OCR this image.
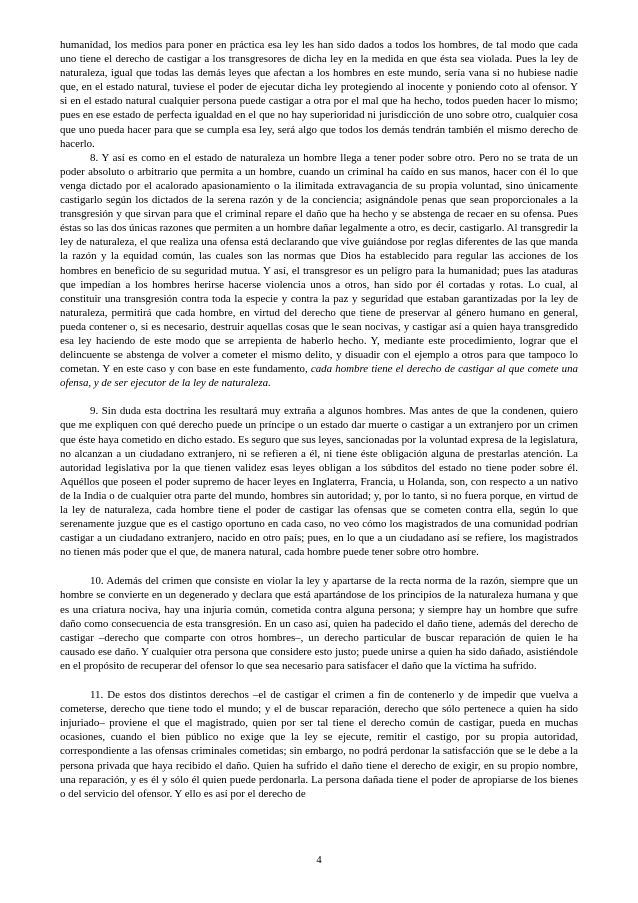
humanidad, los medios para poner en práctica esa ley les han sido dados a todos los hombres, de tal modo que cada uno tiene el derecho de castigar a los transgresores de dicha ley en la medida en que ésta sea violada. Pues la ley de naturaleza, igual que todas las demás leyes que afectan a los hombres en este mundo, sería vana si no hubiese nadie que, en el estado natural, tuviese el poder de ejecutar dicha ley protegiendo al inocente y poniendo coto al ofensor. Y si en el estado natural cualquier persona puede castigar a otra por el mal que ha hecho, todos pueden hacer lo mismo; pues en ese estado de perfecta igualdad en el que no hay superioridad ni jurisdicción de uno sobre otro, cualquier cosa que uno pueda hacer para que se cumpla esa ley, será algo que todos los demás tendrán también el mismo derecho de hacerlo.

8. Y así es como en el estado de naturaleza un hombre llega a tener poder sobre otro. Pero no se trata de un poder absoluto o arbitrario que permita a un hombre, cuando un criminal ha caído en sus manos, hacer con él lo que venga dictado por el acalorado apasionamiento o la ilimitada extravagancia de su propia voluntad, sino únicamente castigarlo según los dictados de la serena razón y de la conciencia; asignándole penas que sean proporcionales a la transgresión y que sirvan para que el criminal repare el daño que ha hecho y se abstenga de recaer en su ofensa. Pues éstas so las dos únicas razones que permiten a un hombre dañar legalmente a otro, es decir, castigarlo. Al transgredir la ley de naturaleza, el que realiza una ofensa está declarando que vive guiándose por reglas diferentes de las que manda la razón y la equidad común, las cuales son las normas que Dios ha establecido para regular las acciones de los hombres en beneficio de su seguridad mutua. Y así, el transgresor es un peligro para la humanidad; pues las ataduras que impedían a los hombres herirse hacerse violencia unos a otros, han sido por él cortadas y rotas. Lo cual, al constituir una transgresión contra toda la especie y contra la paz y seguridad que estaban garantizadas por la ley de naturaleza, permitirá que cada hombre, en virtud del derecho que tiene de preservar al género humano en general, pueda contener o, si es necesario, destruir aquellas cosas que le sean nocivas, y castigar así a quien haya transgredido esa ley haciendo de este modo que se arrepienta de haberlo hecho. Y, mediante este procedimiento, lograr que el delincuente se abstenga de volver a cometer el mismo delito, y disuadir con el ejemplo a otros para que tampoco lo cometan. Y en este caso y con base en este fundamento, cada hombre tiene el derecho de castigar al que comete una ofensa, y de ser ejecutor de la ley de naturaleza.

9. Sin duda esta doctrina les resultará muy extraña a algunos hombres. Mas antes de que la condenen, quiero que me expliquen con qué derecho puede un príncipe o un estado dar muerte o castigar a un extranjero por un crimen que éste haya cometido en dicho estado. Es seguro que sus leyes, sancionadas por la voluntad expresa de la legislatura, no alcanzan a un ciudadano extranjero, ni se refieren a él, ni tiene éste obligación alguna de prestarlas atención. La autoridad legislativa por la que tienen validez esas leyes obligan a los súbditos del estado no tiene poder sobre él. Aquéllos que poseen el poder supremo de hacer leyes en Inglaterra, Francia, u Holanda, son, con respecto a un nativo de la India o de cualquier otra parte del mundo, hombres sin autoridad; y, por lo tanto, si no fuera porque, en virtud de la ley de naturaleza, cada hombre tiene el poder de castigar las ofensas que se cometen contra ella, según lo que serenamente juzgue que es el castigo oportuno en cada caso, no veo cómo los magistrados de una comunidad podrían castigar a un ciudadano extranjero, nacido en otro país; pues, en lo que a un ciudadano así se refiere, los magistrados no tienen más poder que el que, de manera natural, cada hombre puede tener sobre otro hombre.

10. Además del crimen que consiste en violar la ley y apartarse de la recta norma de la razón, siempre que un hombre se convierte en un degenerado y declara que está apartándose de los principios de la naturaleza humana y que es una criatura nociva, hay una injuria común, cometida contra alguna persona; y siempre hay un hombre que sufre daño como consecuencia de esta transgresión. En un caso así, quien ha padecido el daño tiene, además del derecho de castigar –derecho que comparte con otros hombres–, un derecho particular de buscar reparación de quien le ha causado ese daño. Y cualquier otra persona que considere esto justo; puede unirse a quien ha sido dañado, asistiéndole en el propósito de recuperar del ofensor lo que sea necesario para satisfacer el daño que la víctima ha sufrido.

11. De estos dos distintos derechos –el de castigar el crimen a fin de contenerlo y de impedir que vuelva a cometerse, derecho que tiene todo el mundo; y el de buscar reparación, derecho que sólo pertenece a quien ha sido injuriado– proviene el que el magistrado, quien por ser tal tiene el derecho común de castigar, pueda en muchas ocasiones, cuando el bien público no exige que la ley se ejecute, remitir el castigo, por su propia autoridad, correspondiente a las ofensas criminales cometidas; sin embargo, no podrá perdonar la satisfacción que se le debe a la persona privada que haya recibido el daño. Quien ha sufrido el daño tiene el derecho de exigir, en su propio nombre, una reparación, y es él y sólo él quien puede perdonarla. La persona dañada tiene el poder de apropiarse de los bienes o del servicio del ofensor. Y ello es así por el derecho de

4
